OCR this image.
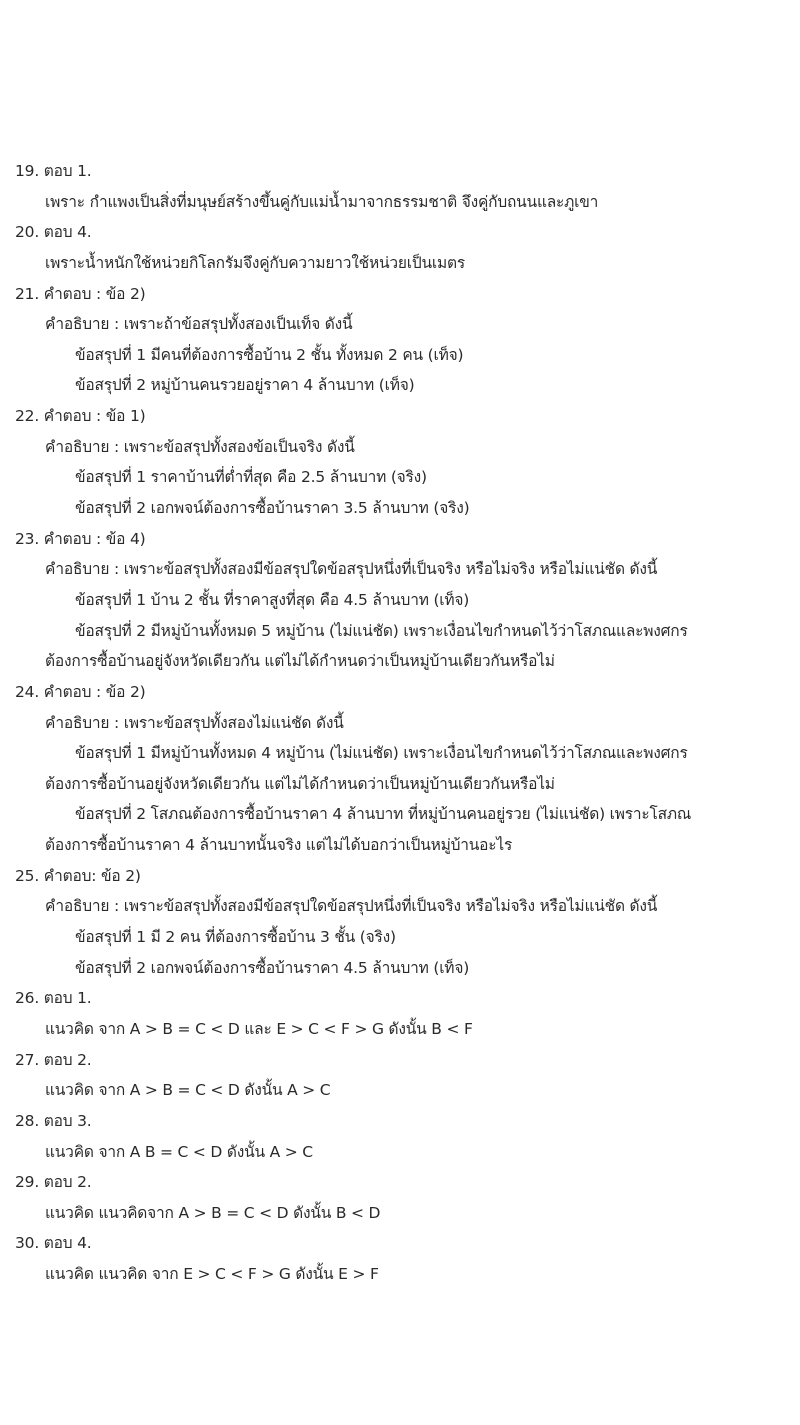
19. ตอบ 1.
เพราะ กำแพงเป็นสิ่งที่มนุษย์สร้างขึ้นคู่กับแม่น้ำมาจากธรรมชาติ จึงคู่กับถนนและภูเขา
20. ตอบ 4.
เพราะน้ำหนักใช้หน่วยกิโลกรัมจึงคู่กับความยาวใช้หน่วยเป็นเมตร
21. คำตอบ : ข้อ 2)
คำอธิบาย : เพราะถ้าข้อสรุปทั้งสองเป็นเท็จ ดังนี้
ข้อสรุปที่ 1 มีคนที่ต้องการซื้อบ้าน 2 ชั้น ทั้งหมด 2 คน (เท็จ)
ข้อสรุปที่ 2 หมู่บ้านคนรวยอยู่ราคา 4 ล้านบาท (เท็จ)
22. คำตอบ : ข้อ 1)
คำอธิบาย : เพราะข้อสรุปทั้งสองข้อเป็นจริง ดังนี้
ข้อสรุปที่ 1 ราคาบ้านที่ต่ำที่สุด คือ 2.5 ล้านบาท (จริง)
ข้อสรุปที่ 2 เอกพจน์ต้องการซื้อบ้านราคา 3.5 ล้านบาท (จริง)
23. คำตอบ : ข้อ 4)
คำอธิบาย : เพราะข้อสรุปทั้งสองมีข้อสรุปใดข้อสรุปหนึ่งที่เป็นจริง หรือไม่จริง หรือไม่แน่ชัด ดังนี้
ข้อสรุปที่ 1 บ้าน 2 ชั้น ที่ราคาสูงที่สุด คือ 4.5 ล้านบาท (เท็จ)
ข้อสรุปที่ 2 มีหมู่บ้านทั้งหมด 5 หมู่บ้าน (ไม่แน่ชัด) เพราะเงื่อนไขกำหนดไว้ว่าโสภณและพงศกร
ต้องการซื้อบ้านอยู่จังหวัดเดียวกัน แต่ไม่ได้กำหนดว่าเป็นหมู่บ้านเดียวกันหรือไม่
24. คำตอบ : ข้อ 2)
คำอธิบาย : เพราะข้อสรุปทั้งสองไม่แน่ชัด ดังนี้
ข้อสรุปที่ 1 มีหมู่บ้านทั้งหมด 4 หมู่บ้าน (ไม่แน่ชัด) เพราะเงื่อนไขกำหนดไว้ว่าโสภณและพงศกร
ต้องการซื้อบ้านอยู่จังหวัดเดียวกัน แต่ไม่ได้กำหนดว่าเป็นหมู่บ้านเดียวกันหรือไม่
ข้อสรุปที่ 2 โสภณต้องการซื้อบ้านราคา 4 ล้านบาท ที่หมู่บ้านคนอยู่รวย (ไม่แน่ชัด) เพราะโสภณ
ต้องการซื้อบ้านราคา 4 ล้านบาทนั้นจริง แต่ไม่ได้บอกว่าเป็นหมู่บ้านอะไร
25. คำตอบ: ข้อ 2)
คำอธิบาย : เพราะข้อสรุปทั้งสองมีข้อสรุปใดข้อสรุปหนึ่งที่เป็นจริง หรือไม่จริง หรือไม่แน่ชัด ดังนี้
ข้อสรุปที่ 1 มี 2 คน ที่ต้องการซื้อบ้าน 3 ชั้น (จริง)
ข้อสรุปที่ 2 เอกพจน์ต้องการซื้อบ้านราคา 4.5 ล้านบาท (เท็จ)
26. ตอบ 1.
แนวคิด จาก A > B = C < D และ E > C < F > G ดังนั้น B < F
27. ตอบ 2.
แนวคิด จาก A > B = C < D ดังนั้น A > C
28. ตอบ 3.
แนวคิด จาก A B = C < D ดังนั้น A > C
29. ตอบ 2.
แนวคิด แนวคิดจาก A > B = C < D ดังนั้น B < D
30. ตอบ 4.
แนวคิด แนวคิด จาก E > C < F > G ดังนั้น E > F
